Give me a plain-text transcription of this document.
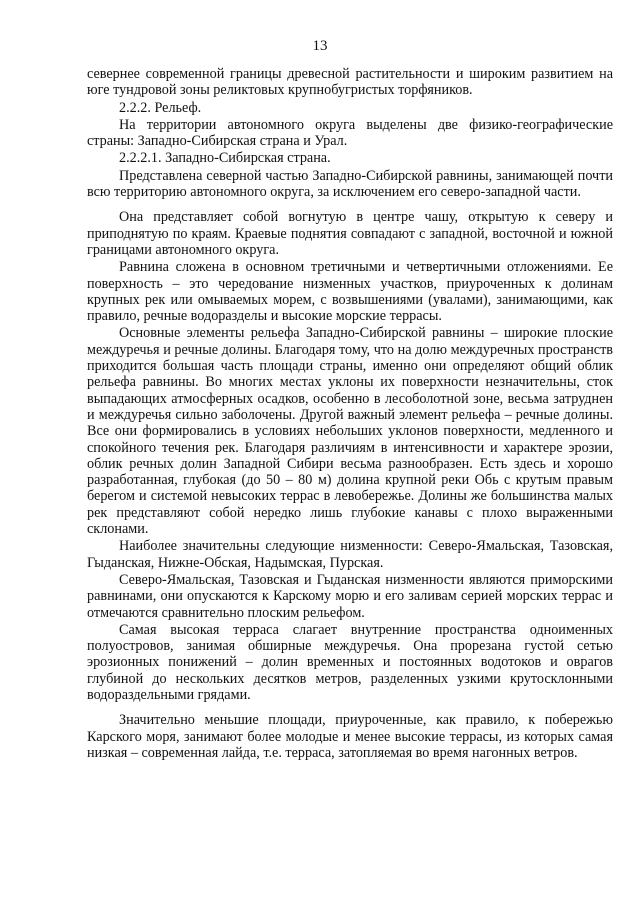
13

севернее современной границы древесной растительности и широким развитием на юге тундровой зоны реликтовых крупнобугристых торфяников.

2.2.2. Рельеф.

На территории автономного округа выделены две физико-географические страны: Западно-Сибирская страна и Урал.

2.2.2.1. Западно-Сибирская страна.

Представлена северной частью Западно-Сибирской равнины, занимающей почти всю территорию автономного округа, за исключением его северо-западной части.

Она представляет собой вогнутую в центре чашу, открытую к северу и приподнятую по краям. Краевые поднятия совпадают с западной, восточной и южной границами автономного округа.

Равнина сложена в основном третичными и четвертичными отложениями. Ее поверхность – это чередование низменных участков, приуроченных к долинам крупных рек или омываемых морем, с возвышениями (увалами), занимающими, как правило, речные водоразделы и высокие морские террасы.

Основные элементы рельефа Западно-Сибирской равнины – широкие плоские междуречья и речные долины. Благодаря тому, что на долю междуречных пространств приходится большая часть площади страны, именно они определяют общий облик рельефа равнины. Во многих местах уклоны их поверхности незначительны, сток выпадающих атмосферных осадков, особенно в лесоболотной зоне, весьма затруднен и междуречья сильно заболочены. Другой важный элемент рельефа – речные долины. Все они формировались в условиях небольших уклонов поверхности, медленного и спокойного течения рек. Благодаря различиям в интенсивности и характере эрозии, облик речных долин Западной Сибири весьма разнообразен. Есть здесь и хорошо разработанная, глубокая (до 50 – 80 м) долина крупной реки Обь с крутым правым берегом и системой невысоких террас в левобережье. Долины же большинства малых рек представляют собой нередко лишь глубокие канавы с плохо выраженными склонами.

Наиболее значительны следующие низменности: Северо-Ямальская, Тазовская, Гыданская, Нижне-Обская, Надымская, Пурская.

Северо-Ямальская, Тазовская и Гыданская низменности являются приморскими равнинами, они опускаются к Карскому морю и его заливам серией морских террас и отмечаются сравнительно плоским рельефом.

Самая высокая терраса слагает внутренние пространства одноименных полуостровов, занимая обширные междуречья. Она прорезана густой сетью эрозионных понижений – долин временных и постоянных водотоков и оврагов глубиной до нескольких десятков метров, разделенных узкими крутосклонными водораздельными грядами.

Значительно меньшие площади, приуроченные, как правило, к побережью Карского моря, занимают более молодые и менее высокие террасы, из которых самая низкая – современная лайда, т.е. терраса, затопляемая во время нагонных ветров.
